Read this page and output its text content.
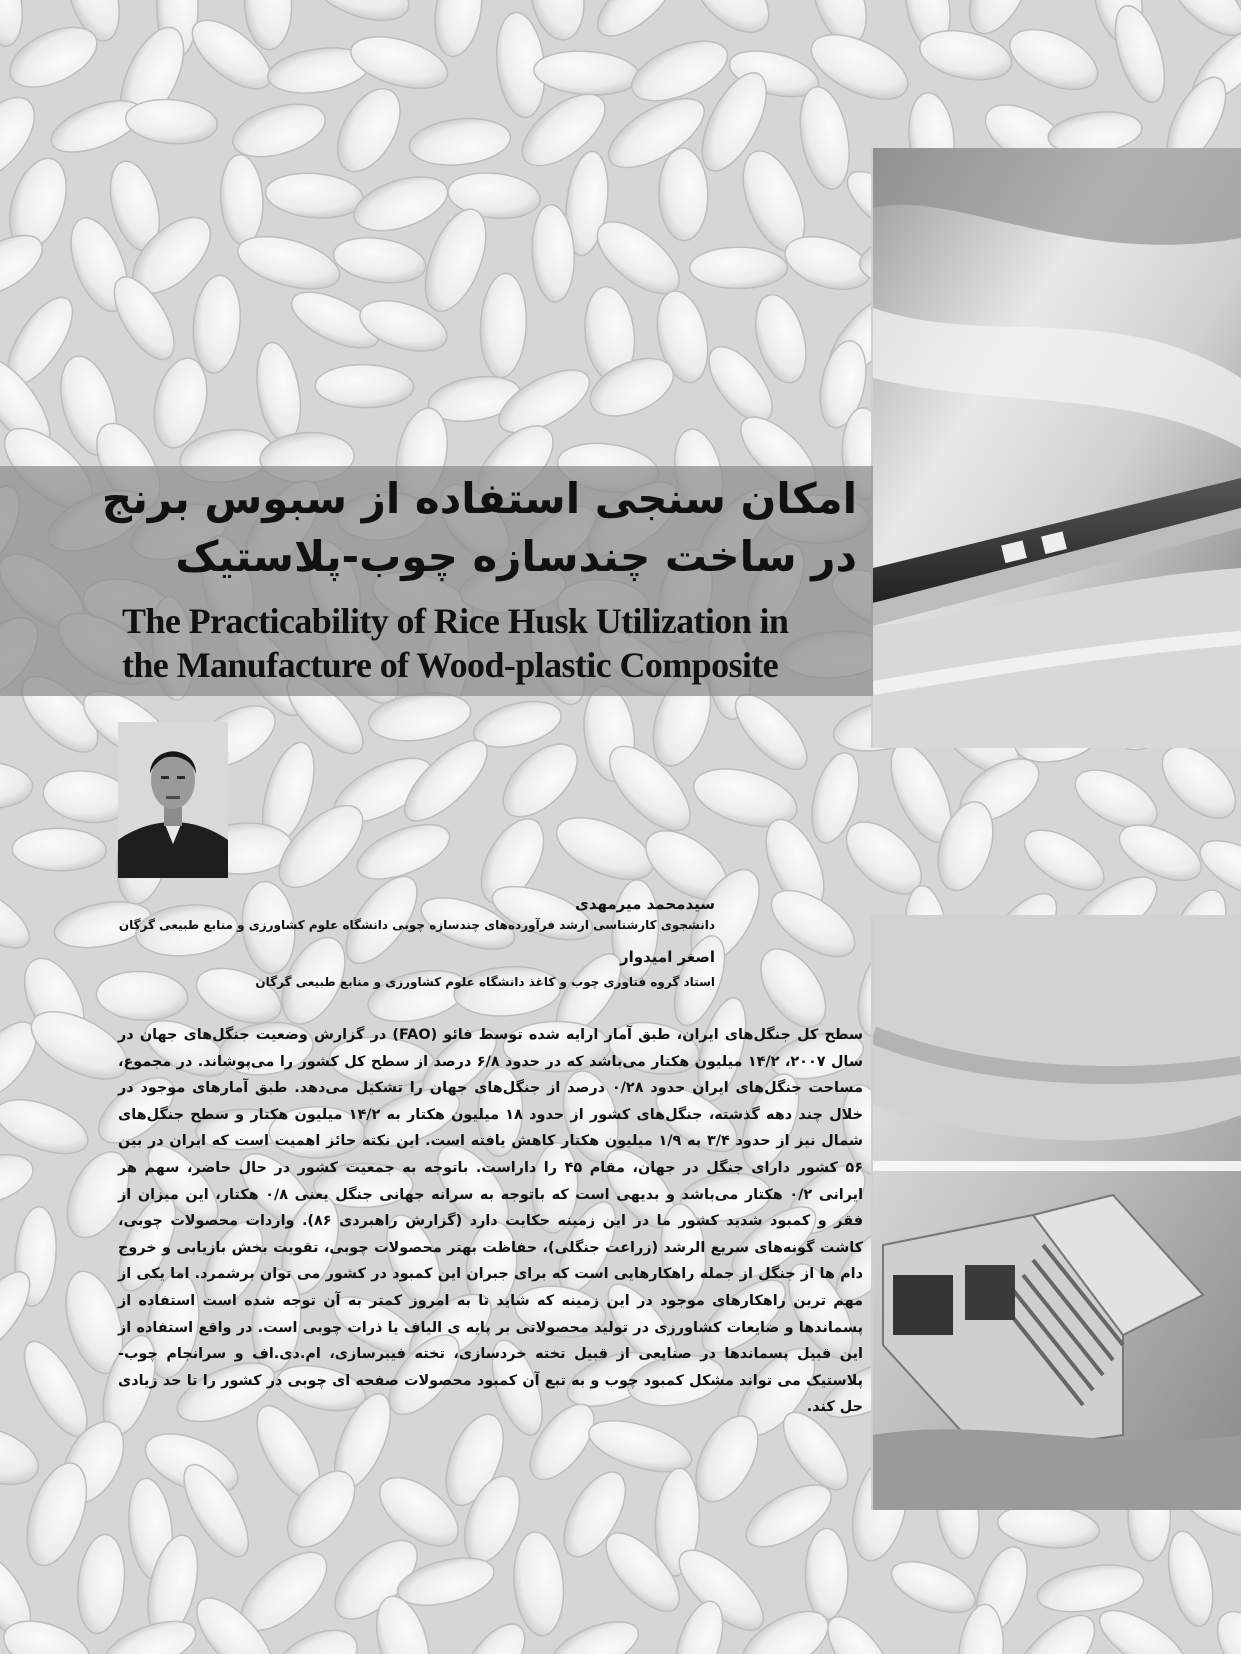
امکان سنجی استفاده از سبوس برنج
در ساخت چندسازه چوب-پلاستیک
The Practicability of Rice Husk Utilization in
the Manufacture of Wood-plastic Composite
سیدمحمد میرمهدی
دانشجوی کارشناسی ارشد فرآورده‌های چندسازه چوبی دانشگاه علوم کشاورزی و منابع طبیعی گرگان
اصغر امیدوار
استاد گروه فناوری چوب و کاغذ دانشگاه علوم کشاورزی و منابع طبیعی گرگان

سطح کل جنگل‌های ایران، طبق آمار ارایه شده توسط فائو (FAO) در گزارش وضعیت جنگل‌های جهان در سال ۲۰۰۷، ۱۴/۲ میلیون هکتار می‌باشد که در حدود ۶/۸ درصد از سطح کل کشور را می‌پوشاند. در مجموع، مساحت جنگل‌های ایران حدود ۰/۲۸ درصد از جنگل‌های جهان را تشکیل می‌دهد. طبق آمارهای موجود در خلال چند دهه گذشته، جنگل‌های کشور از حدود ۱۸ میلیون هکتار به ۱۴/۲ میلیون هکتار و سطح جنگل‌های شمال نیز از حدود ۳/۴ به ۱/۹ میلیون هکتار کاهش یافته است. این نکته حائز اهمیت است که ایران در بین ۵۶ کشور دارای جنگل در جهان، مقام ۴۵ را داراست. باتوجه به جمعیت کشور در حال حاضر، سهم هر ایرانی ۰/۲ هکتار می‌باشد و بدیهی است که باتوجه به سرانه جهانی جنگل یعنی ۰/۸ هکتار، این میزان از فقر و کمبود شدید کشور ما در این زمینه حکایت دارد (گزارش راهبردی ۸۶). واردات محصولات چوبی، کاشت گونه‌های سریع الرشد (زراعت جنگلی)، حفاظت بهتر محصولات چوبی، تقویت بخش بازیابی و خروج دام ها از جنگل از جمله راهکارهایی است که برای جبران این کمبود در کشور می توان برشمرد. اما یکی از مهم ترین راهکارهای موجود در این زمینه که شاید تا به امروز کمتر به آن توجه شده است استفاده از پسماندها و ضایعات کشاورزی در تولید محصولاتی بر پایه ی الیاف یا ذرات چوبی است. در واقع استفاده از این قبیل پسماندها در صنایعی از قبیل تخته خردسازی، تخته فیبرسازی، ام.دی.اف و سرانجام چوب-پلاستیک می تواند مشکل کمبود چوب و به تبع آن کمبود محصولات صفحه ای چوبی در کشور را تا حد زیادی حل کند.
